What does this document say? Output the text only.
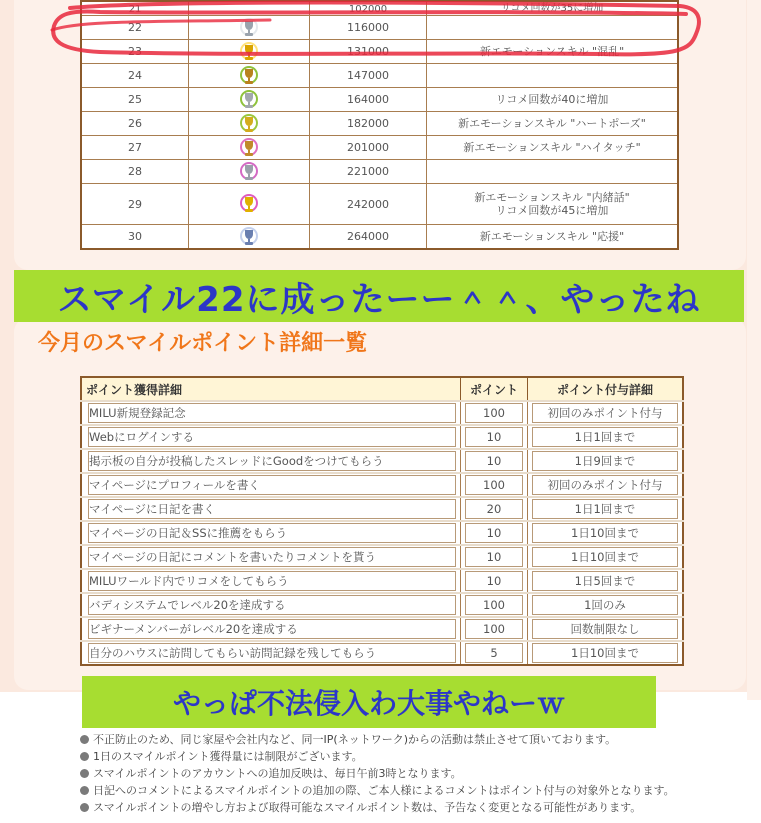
21		102000	リコメ回数が35に増加

22		116000	

23		131000	新エモーションスキル "混乱"

24		147000	

25		164000	リコメ回数が40に増加

26		182000	新エモーションスキル "ハートポーズ"

27		201000	新エモーションスキル "ハイタッチ"

28		221000	

29		242000	新エモーションスキル "内緒話"
リコメ回数が45に増加

30		264000	新エモーションスキル "応援"
スマイル22に成ったーー＾＾、やったね
今月のスマイルポイント詳細一覧
ポイント獲得詳細	ポイント	ポイント付与詳細

MILU新規登録記念	100	初回のみポイント付与

Webにログインする	10	1日1回まで

掲示板の自分が投稿したスレッドにGoodをつけてもらう	10	1日9回まで

マイページにプロフィールを書く	100	初回のみポイント付与

マイページに日記を書く	20	1日1回まで

マイページの日記＆SSに推薦をもらう	10	1日10回まで

マイページの日記にコメントを書いたりコメントを貰う	10	1日10回まで

MILUワールド内でリコメをしてもらう	10	1日5回まで

バディシステムでレベル20を達成する	100	1回のみ

ビギナーメンバーがレベル20を達成する	100	回数制限なし

自分のハウスに訪問してもらい訪問記録を残してもらう	5	1日10回まで
やっぱ不法侵入わ大事やねーｗ
不正防止のため、同じ家屋や会社内など、同一IP(ネットワーク)からの活動は禁止させて頂いております。
1日のスマイルポイント獲得量には制限がございます。
スマイルポイントのアカウントへの追加反映は、毎日午前3時となります。
日記へのコメントによるスマイルポイントの追加の際、ご本人様によるコメントはポイント付与の対象外となります。
スマイルポイントの増やし方および取得可能なスマイルポイント数は、予告なく変更となる可能性があります。
